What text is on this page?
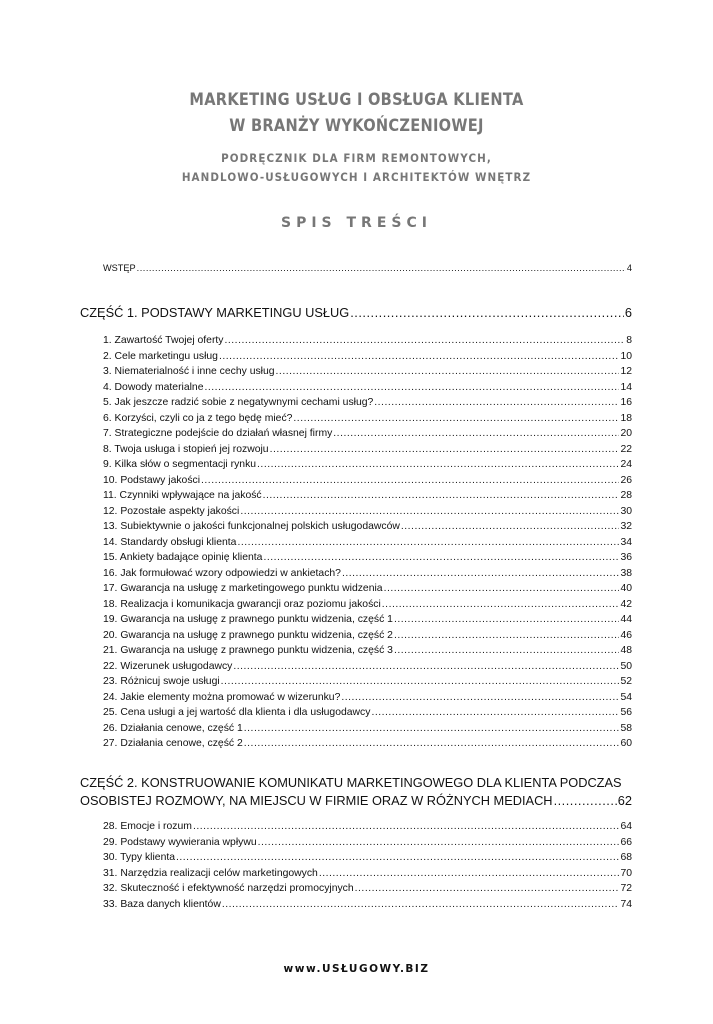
MARKETING USŁUG I OBSŁUGA KLIENTA
W BRANŻY WYKOŃCZENIOWEJ
PODRĘCZNIK DLA FIRM REMONTOWYCH,
HANDLOWO-USŁUGOWYCH I ARCHITEKTÓW WNĘTRZ
SPIS TREŚCI
WSTĘP .....	4
CZĘŚĆ 1. PODSTAWY MARKETINGU USŁUG .....	6
1. Zawartość Twojej oferty .....	8
2. Cele marketingu usług .....	10
3. Niematerialność i inne cechy usług .....	12
4. Dowody materialne .....	14
5. Jak jeszcze radzić sobie z negatywnymi cechami usług? .....	16
6. Korzyści, czyli co ja z tego będę mieć? .....	18
7. Strategiczne podejście do działań własnej firmy .....	20
8. Twoja usługa i stopień jej rozwoju .....	22
9. Kilka słów o segmentacji rynku .....	24
10. Podstawy jakości .....	26
11. Czynniki wpływające na jakość .....	28
12. Pozostałe aspekty jakości .....	30
13. Subiektywnie o jakości funkcjonalnej polskich usługodawców .....	32
14. Standardy obsługi klienta .....	34
15. Ankiety badające opinię klienta .....	36
16. Jak formułować wzory odpowiedzi w ankietach? .....	38
17. Gwarancja na usługę z marketingowego punktu widzenia .....	40
18. Realizacja i komunikacja gwarancji oraz poziomu jakości .....	42
19. Gwarancja na usługę z prawnego punktu widzenia, część 1 .....	44
20. Gwarancja na usługę z prawnego punktu widzenia, część 2 .....	46
21. Gwarancja na usługę z prawnego punktu widzenia, część 3 .....	48
22. Wizerunek usługodawcy .....	50
23. Różnicuj swoje usługi .....	52
24. Jakie elementy można promować w wizerunku? .....	54
25. Cena usługi a jej wartość dla klienta i dla usługodawcy .....	56
26. Działania cenowe, część 1 .....	58
27. Działania cenowe, część 2 .....	60
CZĘŚĆ 2. KONSTRUOWANIE KOMUNIKATU MARKETINGOWEGO DLA KLIENTA PODCZAS
OSOBISTEJ ROZMOWY, NA MIEJSCU W FIRMIE ORAZ W RÓŻNYCH MEDIACH .....	62
28. Emocje i rozum .....	64
29. Podstawy wywierania wpływu .....	66
30. Typy klienta .....	68
31. Narzędzia realizacji celów marketingowych .....	70
32. Skuteczność i efektywność narzędzi promocyjnych .....	72
33. Baza danych klientów .....	74
www.USŁUGOWY.BIZ
